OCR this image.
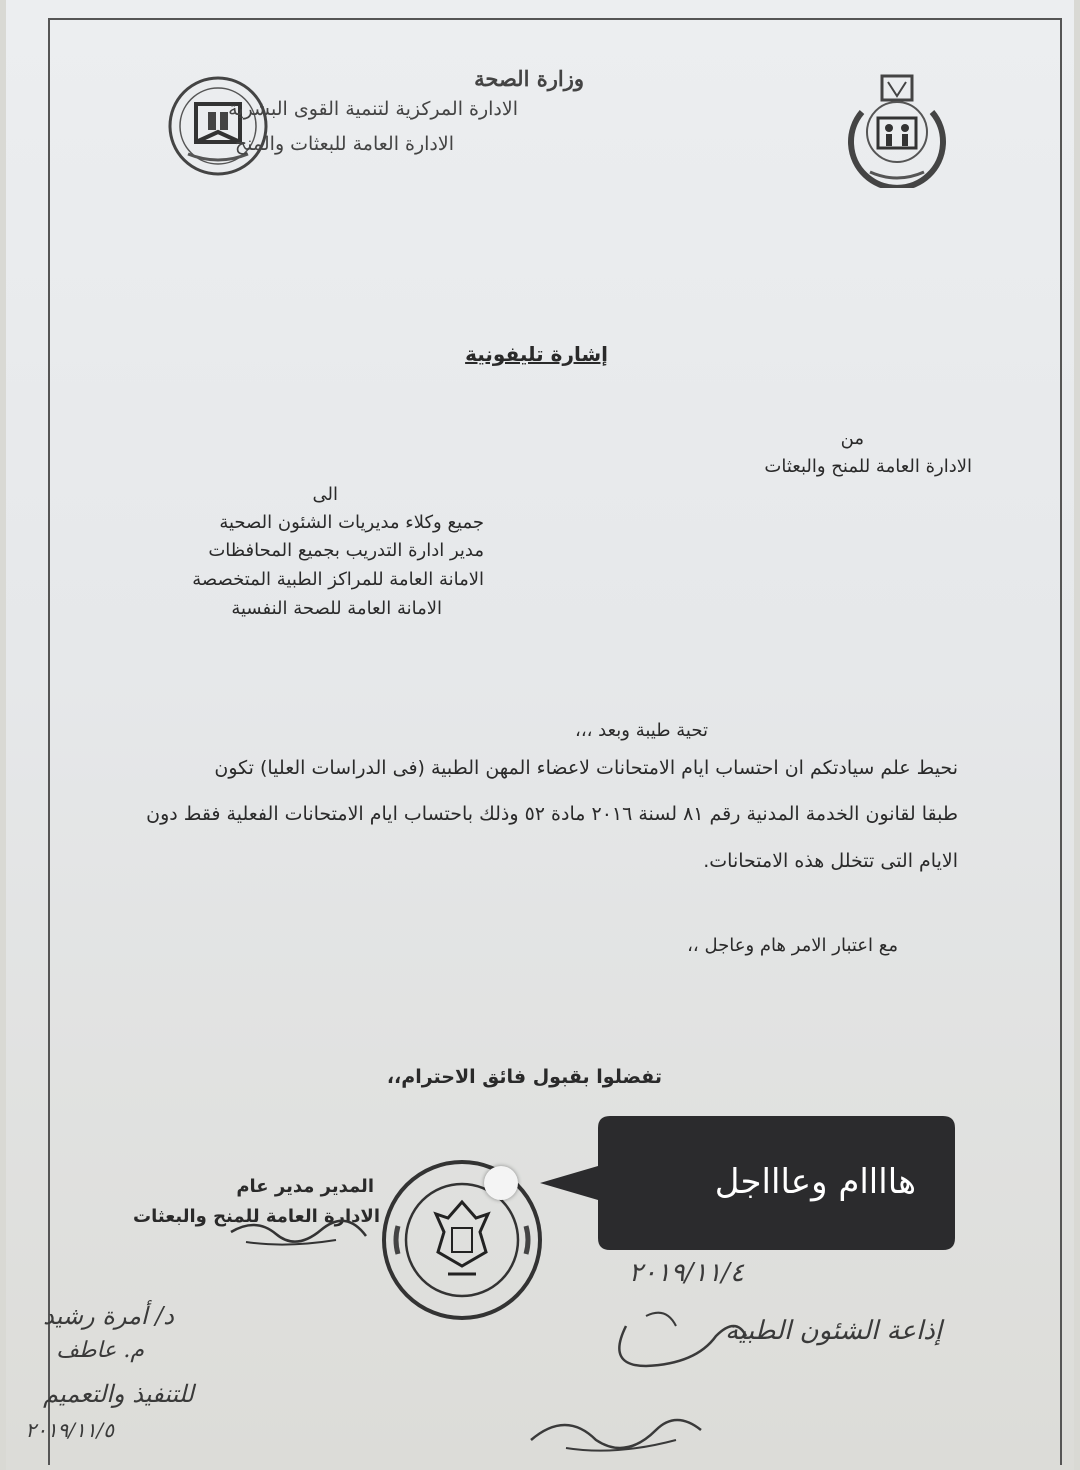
وزارة الصحة
الادارة المركزية لتنمية القوى البشرية
الادارة العامة للبعثات والمنح
إشارة تليفونية
من
الادارة العامة للمنح والبعثات
الى
جميع وكلاء مديريات الشئون الصحية
مدير ادارة التدريب بجميع المحافظات
الامانة العامة للمراكز الطبية المتخصصة
الامانة العامة للصحة النفسية
تحية طيبة وبعد ،،،
نحيط علم سيادتكم ان احتساب ايام الامتحانات لاعضاء المهن الطبية (فى الدراسات العليا) تكون
طبقا لقانون الخدمة المدنية رقم ٨١ لسنة ٢٠١٦ مادة ٥٢ وذلك باحتساب ايام الامتحانات الفعلية فقط دون
الايام التى تتخلل هذه الامتحانات.
مع اعتبار الامر هام وعاجل ،،
تفضلوا بقبول فائق الاحترام،،
المدير مدير عام
الادارة العامة للمنح والبعثات
إذاعة الشئون الطبية
٢٠١٩/١١/٤
د/ أمرة رشيد
م. عاطف
للتنفيذ والتعميم
٢٠١٩/١١/٥
هاااام وعاااجل
